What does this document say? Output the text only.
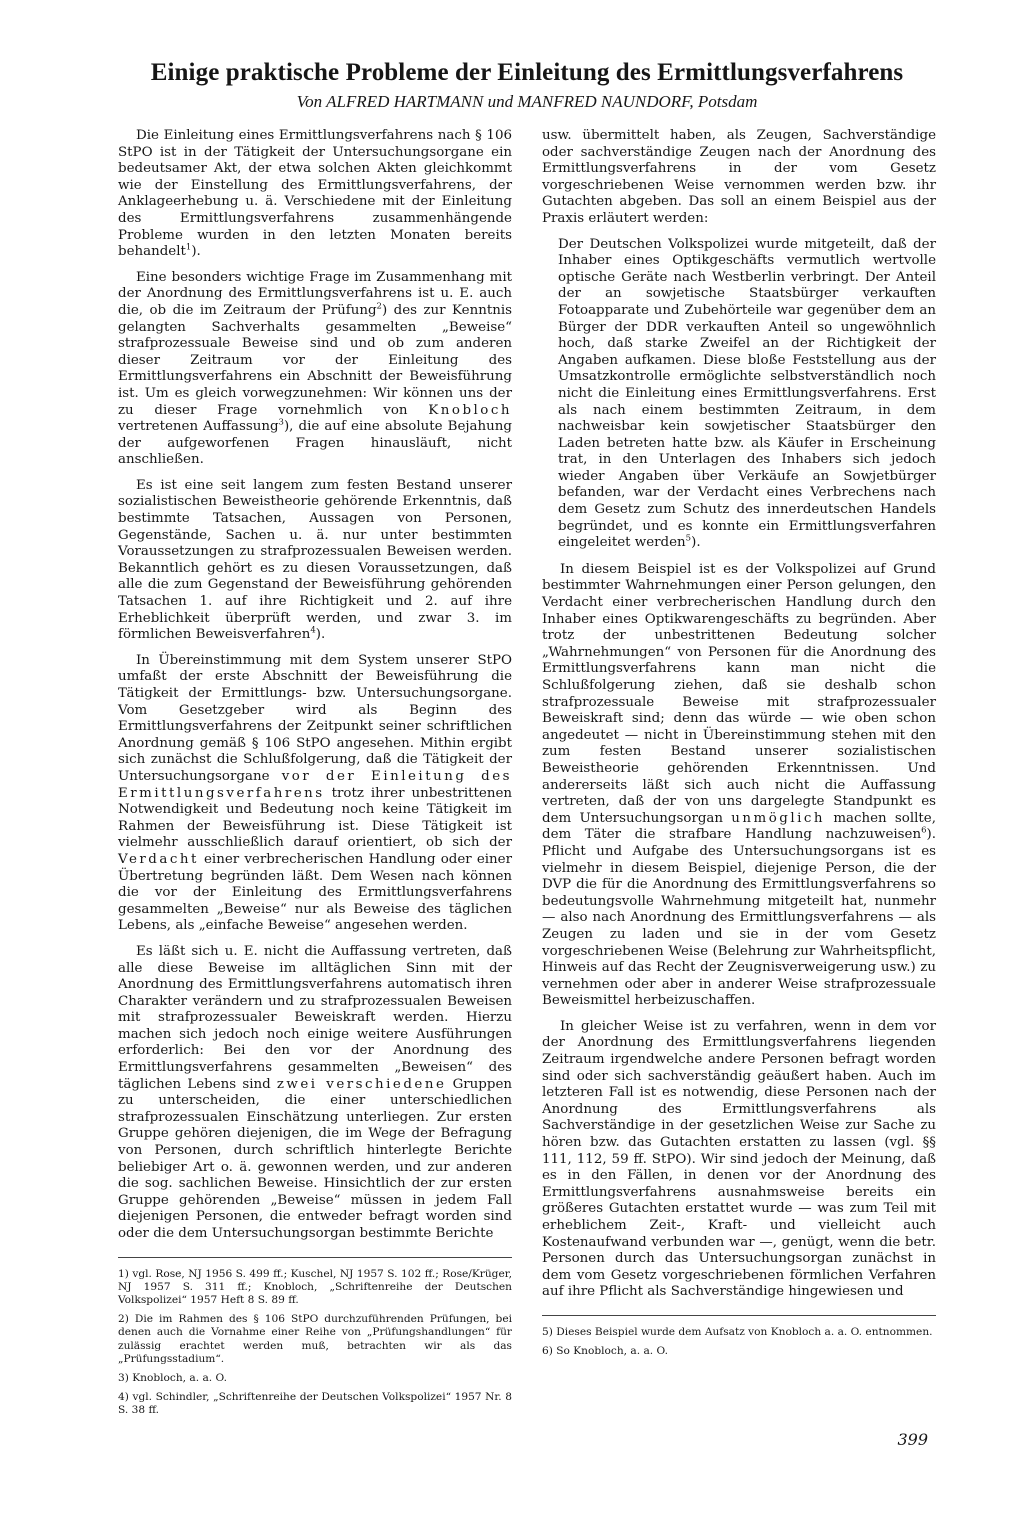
Einige praktische Probleme der Einleitung des Ermittlungsverfahrens
Von ALFRED HARTMANN und MANFRED NAUNDORF, Potsdam

Die Einleitung eines Ermittlungsverfahrens nach § 106 StPO ist in der Tätigkeit der Untersuchungsorgane ein bedeutsamer Akt, der etwa solchen Akten gleichkommt wie der Einstellung des Ermittlungsverfahrens, der Anklageerhebung u. ä. Verschiedene mit der Einleitung des Ermittlungsverfahrens zusammenhängende Probleme wurden in den letzten Monaten bereits behandelt$^1$).

Eine besonders wichtige Frage im Zusammenhang mit der Anordnung des Ermittlungsverfahrens ist u. E. auch die, ob die im Zeitraum der Prüfung$^2$) des zur Kenntnis gelangten Sachverhalts gesammelten „Beweise“ strafprozessuale Beweise sind und ob zum anderen dieser Zeitraum vor der Einleitung des Ermittlungsverfahrens ein Abschnitt der Beweisführung ist. Um es gleich vorwegzunehmen: Wir können uns der zu dieser Frage vornehmlich von Knobloch vertretenen Auffassung$^3$), die auf eine absolute Bejahung der aufgeworfenen Fragen hinausläuft, nicht anschließen.

Es ist eine seit langem zum festen Bestand unserer sozialistischen Beweistheorie gehörende Erkenntnis, daß bestimmte Tatsachen, Aussagen von Personen, Gegenstände, Sachen u. ä. nur unter bestimmten Voraussetzungen zu strafprozessualen Beweisen werden. Bekanntlich gehört es zu diesen Voraussetzungen, daß alle die zum Gegenstand der Beweisführung gehörenden Tatsachen 1. auf ihre Richtigkeit und 2. auf ihre Erheblichkeit überprüft werden, und zwar 3. im förmlichen Beweisverfahren$^4$).

In Übereinstimmung mit dem System unserer StPO umfaßt der erste Abschnitt der Beweisführung die Tätigkeit der Ermittlungs- bzw. Untersuchungsorgane. Vom Gesetzgeber wird als Beginn des Ermittlungsverfahrens der Zeitpunkt seiner schriftlichen Anordnung gemäß § 106 StPO angesehen. Mithin ergibt sich zunächst die Schlußfolgerung, daß die Tätigkeit der Untersuchungsorgane vor der Einleitung des Ermittlungsverfahrens trotz ihrer unbestrittenen Notwendigkeit und Bedeutung noch keine Tätigkeit im Rahmen der Beweisführung ist. Diese Tätigkeit ist vielmehr ausschließlich darauf orientiert, ob sich der Verdacht einer verbrecherischen Handlung oder einer Übertretung begründen läßt. Dem Wesen nach können die vor der Einleitung des Ermittlungsverfahrens gesammelten „Beweise“ nur als Beweise des täglichen Lebens, als „einfache Beweise“ angesehen werden.

Es läßt sich u. E. nicht die Auffassung vertreten, daß alle diese Beweise im alltäglichen Sinn mit der Anordnung des Ermittlungsverfahrens automatisch ihren Charakter verändern und zu strafprozessualen Beweisen mit strafprozessualer Beweiskraft werden. Hierzu machen sich jedoch noch einige weitere Ausführungen erforderlich: Bei den vor der Anordnung des Ermittlungsverfahrens gesammelten „Beweisen“ des täglichen Lebens sind zwei verschiedene Gruppen zu unterscheiden, die einer unterschiedlichen strafprozessualen Einschätzung unterliegen. Zur ersten Gruppe gehören diejenigen, die im Wege der Befragung von Personen, durch schriftlich hinterlegte Berichte beliebiger Art o. ä. gewonnen werden, und zur anderen die sog. sachlichen Beweise. Hinsichtlich der zur ersten Gruppe gehörenden „Beweise“ müssen in jedem Fall diejenigen Personen, die entweder befragt worden sind oder die dem Untersuchungsorgan bestimmte Berichte

1) vgl. Rose, NJ 1956 S. 499 ff.; Kuschel, NJ 1957 S. 102 ff.; Rose/Krüger, NJ 1957 S. 311 ff.; Knobloch, „Schriftenreihe der Deutschen Volkspolizei“ 1957 Heft 8 S. 89 ff.
2) Die im Rahmen des § 106 StPO durchzuführenden Prüfungen, bei denen auch die Vornahme einer Reihe von „Prüfungshandlungen“ für zulässig erachtet werden muß, betrachten wir als das „Prüfungsstadium“.
3) Knobloch, a. a. O.
4) vgl. Schindler, „Schriftenreihe der Deutschen Volkspolizei“ 1957 Nr. 8 S. 38 ff.

usw. übermittelt haben, als Zeugen, Sachverständige oder sachverständige Zeugen nach der Anordnung des Ermittlungsverfahrens in der vom Gesetz vorgeschriebenen Weise vernommen werden bzw. ihr Gutachten abgeben. Das soll an einem Beispiel aus der Praxis erläutert werden:

Der Deutschen Volkspolizei wurde mitgeteilt, daß der Inhaber eines Optikgeschäfts vermutlich wertvolle optische Geräte nach Westberlin verbringt. Der Anteil der an sowjetische Staatsbürger verkauften Fotoapparate und Zubehörteile war gegenüber dem an Bürger der DDR verkauften Anteil so ungewöhnlich hoch, daß starke Zweifel an der Richtigkeit der Angaben aufkamen. Diese bloße Feststellung aus der Umsatzkontrolle ermöglichte selbstverständlich noch nicht die Einleitung eines Ermittlungsverfahrens. Erst als nach einem bestimmten Zeitraum, in dem nachweisbar kein sowjetischer Staatsbürger den Laden betreten hatte bzw. als Käufer in Erscheinung trat, in den Unterlagen des Inhabers sich jedoch wieder Angaben über Verkäufe an Sowjetbürger befanden, war der Verdacht eines Verbrechens nach dem Gesetz zum Schutz des innerdeutschen Handels begründet, und es konnte ein Ermittlungsverfahren eingeleitet werden$^5$).

In diesem Beispiel ist es der Volkspolizei auf Grund bestimmter Wahrnehmungen einer Person gelungen, den Verdacht einer verbrecherischen Handlung durch den Inhaber eines Optikwarengeschäfts zu begründen. Aber trotz der unbestrittenen Bedeutung solcher „Wahrnehmungen“ von Personen für die Anordnung des Ermittlungsverfahrens kann man nicht die Schlußfolgerung ziehen, daß sie deshalb schon strafprozessuale Beweise mit strafprozessualer Beweiskraft sind; denn das würde — wie oben schon angedeutet — nicht in Übereinstimmung stehen mit den zum festen Bestand unserer sozialistischen Beweistheorie gehörenden Erkenntnissen. Und andererseits läßt sich auch nicht die Auffassung vertreten, daß der von uns dargelegte Standpunkt es dem Untersuchungsorgan unmöglich machen sollte, dem Täter die strafbare Handlung nachzuweisen$^6$). Pflicht und Aufgabe des Untersuchungsorgans ist es vielmehr in diesem Beispiel, diejenige Person, die der DVP die für die Anordnung des Ermittlungsverfahrens so bedeutungsvolle Wahrnehmung mitgeteilt hat, nunmehr — also nach Anordnung des Ermittlungsverfahrens — als Zeugen zu laden und sie in der vom Gesetz vorgeschriebenen Weise (Belehrung zur Wahrheitspflicht, Hinweis auf das Recht der Zeugnisverweigerung usw.) zu vernehmen oder aber in anderer Weise strafprozessuale Beweismittel herbeizuschaffen.

In gleicher Weise ist zu verfahren, wenn in dem vor der Anordnung des Ermittlungsverfahrens liegenden Zeitraum irgendwelche andere Personen befragt worden sind oder sich sachverständig geäußert haben. Auch im letzteren Fall ist es notwendig, diese Personen nach der Anordnung des Ermittlungsverfahrens als Sachverständige in der gesetzlichen Weise zur Sache zu hören bzw. das Gutachten erstatten zu lassen (vgl. §§ 111, 112, 59 ff. StPO). Wir sind jedoch der Meinung, daß es in den Fällen, in denen vor der Anordnung des Ermittlungsverfahrens ausnahmsweise bereits ein größeres Gutachten erstattet wurde — was zum Teil mit erheblichem Zeit-, Kraft- und vielleicht auch Kostenaufwand verbunden war —, genügt, wenn die betr. Personen durch das Untersuchungsorgan zunächst in dem vom Gesetz vorgeschriebenen förmlichen Verfahren auf ihre Pflicht als Sachverständige hingewiesen und

5) Dieses Beispiel wurde dem Aufsatz von Knobloch a. a. O. entnommen.
6) So Knobloch, a. a. O.
399
